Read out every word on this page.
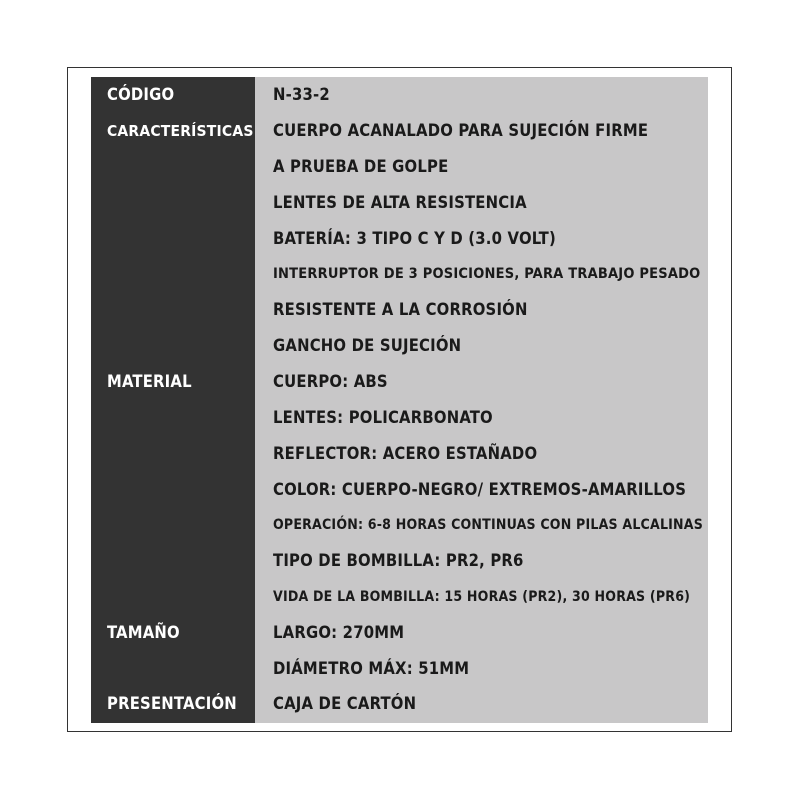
CÓDIGO
CARACTERÍSTICAS
MATERIAL
TAMAÑO
PRESENTACIÓN
N-33-2
CUERPO ACANALADO PARA SUJECIÓN FIRME
A PRUEBA DE GOLPE
LENTES DE ALTA RESISTENCIA
BATERÍA: 3 TIPO C Y D (3.0 VOLT)
INTERRUPTOR DE 3 POSICIONES, PARA TRABAJO PESADO
RESISTENTE A LA CORROSIÓN
GANCHO DE SUJECIÓN
CUERPO: ABS
LENTES: POLICARBONATO
REFLECTOR: ACERO ESTAÑADO
COLOR: CUERPO-NEGRO/ EXTREMOS-AMARILLOS
OPERACIÓN: 6-8 HORAS CONTINUAS CON PILAS ALCALINAS
TIPO DE BOMBILLA: PR2, PR6
VIDA DE LA BOMBILLA: 15 HORAS (PR2), 30 HORAS (PR6)
LARGO: 270MM
DIÁMETRO MÁX: 51MM
CAJA DE CARTÓN
